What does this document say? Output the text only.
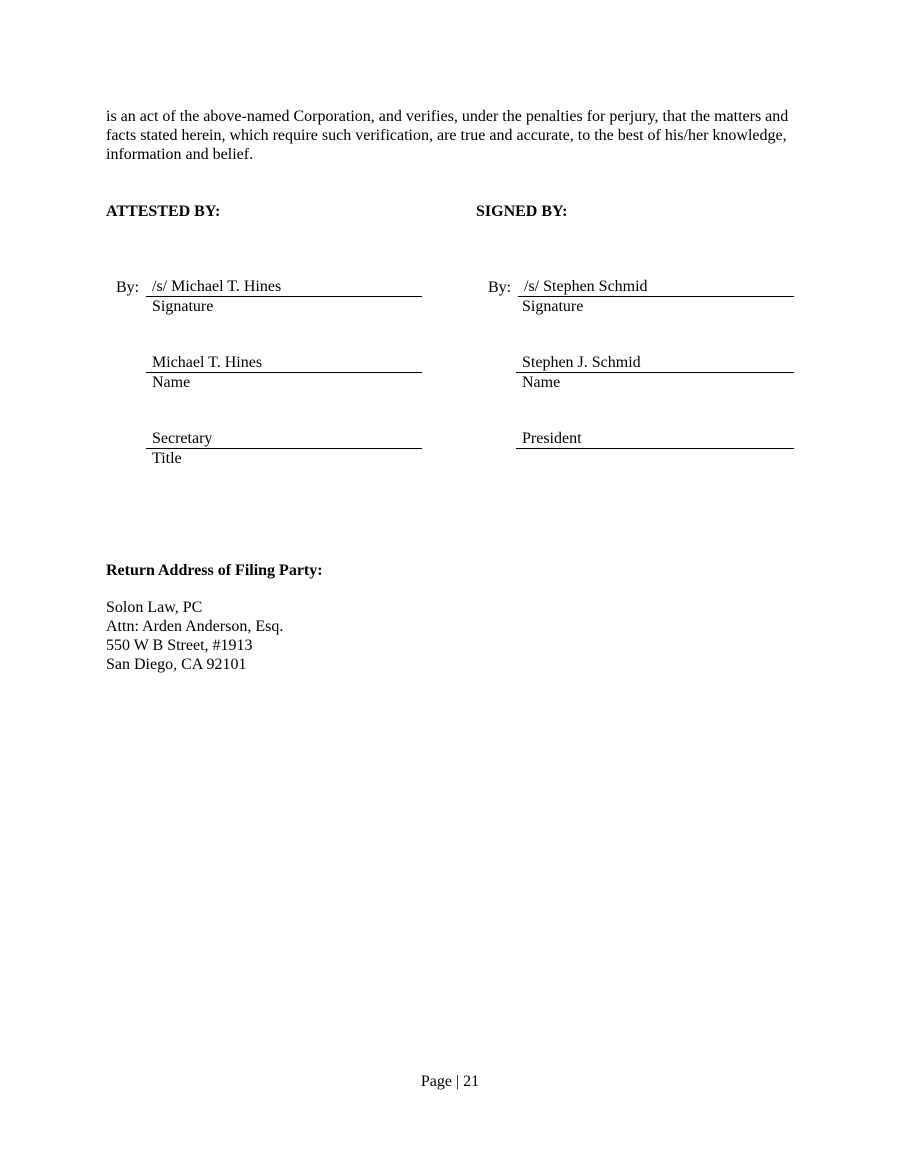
is an act of the above-named Corporation, and verifies, under the penalties for perjury, that the matters and facts stated herein, which require such verification, are true and accurate, to the best of his/her knowledge, information and belief.

ATTESTED BY:	SIGNED BY:
By: /s/ Michael T. Hines
Signature
Michael T. Hines
Name
Secretary
Title
By: /s/ Stephen Schmid
Signature
Stephen J. Schmid
Name
President
Return Address of Filing Party:
Solon Law, PC
Attn: Arden Anderson, Esq.
550 W B Street, #1913
San Diego, CA 92101
Page | 21
